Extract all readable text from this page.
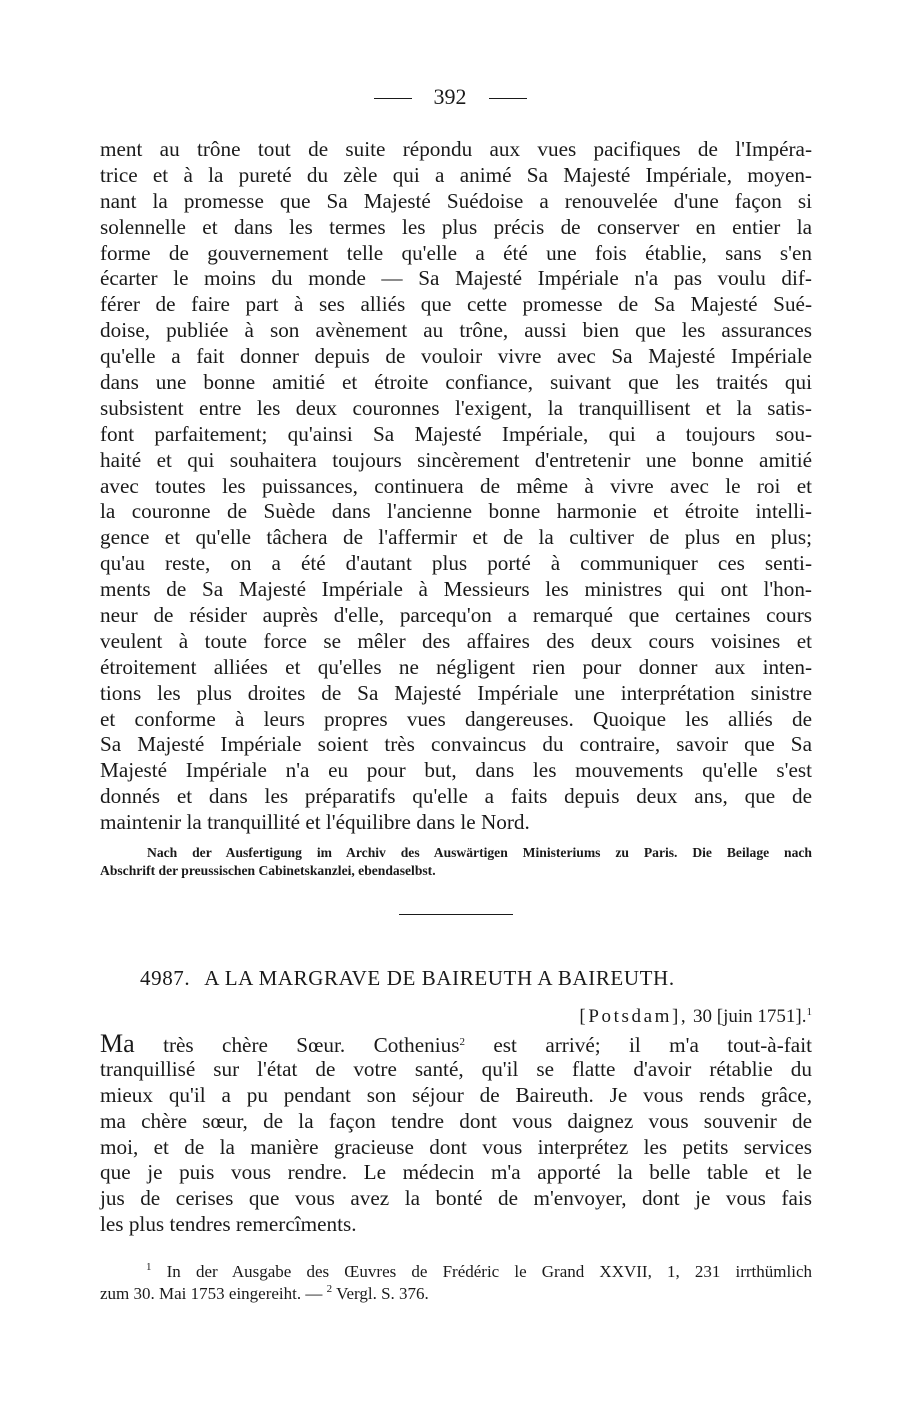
392
ment au trône tout de suite répondu aux vues pacifiques de l'Impéra-
trice et à la pureté du zèle qui a animé Sa Majesté Impériale, moyen-
nant la promesse que Sa Majesté Suédoise a renouvelée d'une façon si
solennelle et dans les termes les plus précis de conserver en entier la
forme de gouvernement telle qu'elle a été une fois établie, sans s'en
écarter le moins du monde — Sa Majesté Impériale n'a pas voulu dif-
férer de faire part à ses alliés que cette promesse de Sa Majesté Sué-
doise, publiée à son avènement au trône, aussi bien que les assurances
qu'elle a fait donner depuis de vouloir vivre avec Sa Majesté Impériale
dans une bonne amitié et étroite confiance, suivant que les traités qui
subsistent entre les deux couronnes l'exigent, la tranquillisent et la satis-
font parfaitement; qu'ainsi Sa Majesté Impériale, qui a toujours sou-
haité et qui souhaitera toujours sincèrement d'entretenir une bonne amitié
avec toutes les puissances, continuera de même à vivre avec le roi et
la couronne de Suède dans l'ancienne bonne harmonie et étroite intelli-
gence et qu'elle tâchera de l'affermir et de la cultiver de plus en plus;
qu'au reste, on a été d'autant plus porté à communiquer ces senti-
ments de Sa Majesté Impériale à Messieurs les ministres qui ont l'hon-
neur de résider auprès d'elle, parcequ'on a remarqué que certaines cours
veulent à toute force se mêler des affaires des deux cours voisines et
étroitement alliées et qu'elles ne négligent rien pour donner aux inten-
tions les plus droites de Sa Majesté Impériale une interprétation sinistre
et conforme à leurs propres vues dangereuses. Quoique les alliés de
Sa Majesté Impériale soient très convaincus du contraire, savoir que Sa
Majesté Impériale n'a eu pour but, dans les mouvements qu'elle s'est
donnés et dans les préparatifs qu'elle a faits depuis deux ans, que de
maintenir la tranquillité et l'équilibre dans le Nord.
Nach der Ausfertigung im Archiv des Auswärtigen Ministeriums zu Paris. Die Beilage nach
Abschrift der preussischen Cabinetskanzlei, ebendaselbst.
4987. A LA MARGRAVE DE BAIREUTH A BAIREUTH.
[Potsdam], 30 [juin 1751].$^1$
Ma très chère Sœur. Cothenius$^2$ est arrivé; il m'a tout-à-fait
tranquillisé sur l'état de votre santé, qu'il se flatte d'avoir rétablie du
mieux qu'il a pu pendant son séjour de Baireuth. Je vous rends grâce,
ma chère sœur, de la façon tendre dont vous daignez vous souvenir de
moi, et de la manière gracieuse dont vous interprétez les petits services
que je puis vous rendre. Le médecin m'a apporté la belle table et le
jus de cerises que vous avez la bonté de m'envoyer, dont je vous fais
les plus tendres remercîments.
$^1$ In der Ausgabe des Œuvres de Frédéric le Grand XXVII, 1, 231 irrthümlich
zum 30. Mai 1753 eingereiht. — $^2$ Vergl. S. 376.
